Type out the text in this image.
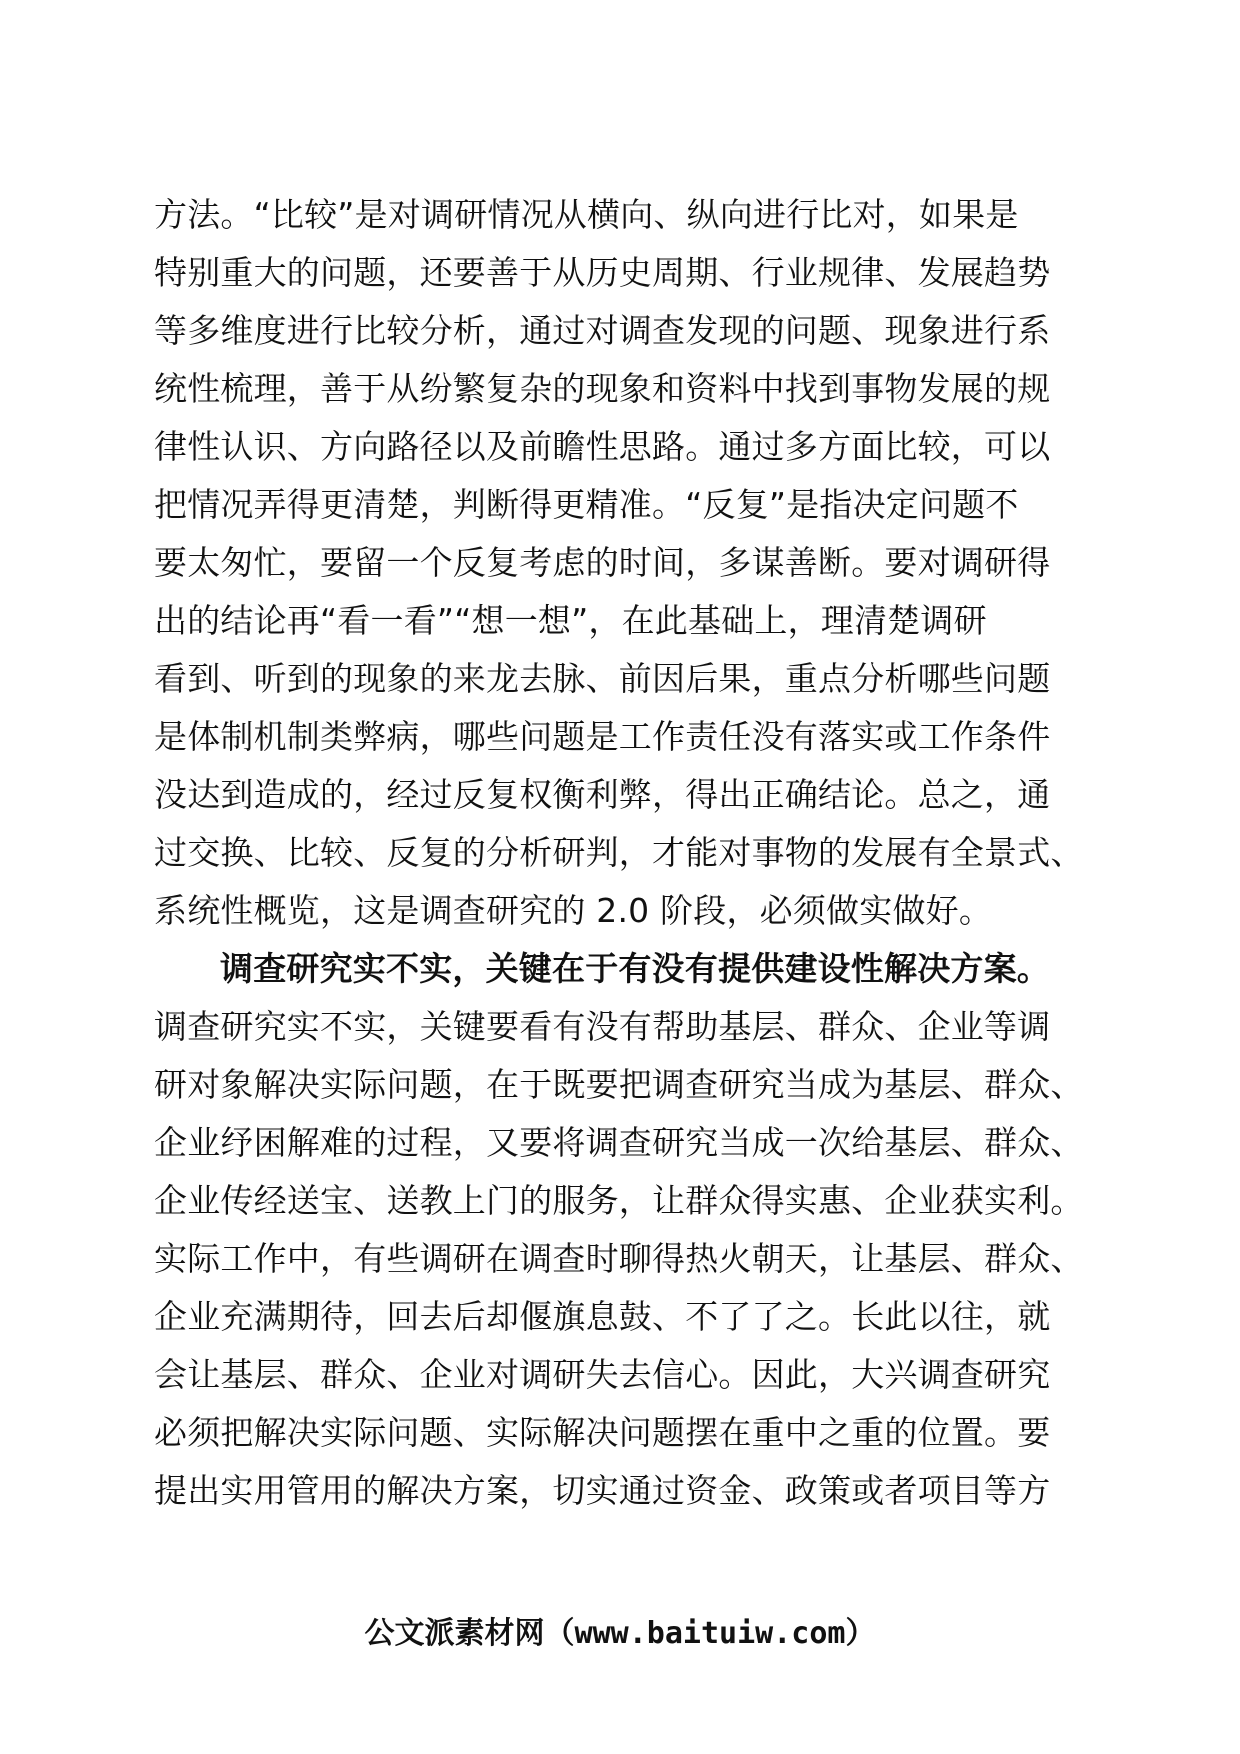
方法。“比较”是对调研情况从横向、纵向进行比对，如果是
特别重大的问题，还要善于从历史周期、行业规律、发展趋势
等多维度进行比较分析，通过对调查发现的问题、现象进行系
统性梳理，善于从纷繁复杂的现象和资料中找到事物发展的规
律性认识、方向路径以及前瞻性思路。通过多方面比较，可以
把情况弄得更清楚，判断得更精准。“反复”是指决定问题不
要太匆忙，要留一个反复考虑的时间，多谋善断。要对调研得
出的结论再“看一看”“想一想”，在此基础上，理清楚调研
看到、听到的现象的来龙去脉、前因后果，重点分析哪些问题
是体制机制类弊病，哪些问题是工作责任没有落实或工作条件
没达到造成的，经过反复权衡利弊，得出正确结论。总之，通
过交换、比较、反复的分析研判，才能对事物的发展有全景式、
系统性概览，这是调查研究的 2.0 阶段，必须做实做好。
调查研究实不实，关键在于有没有提供建设性解决方案。
调查研究实不实，关键要看有没有帮助基层、群众、企业等调
研对象解决实际问题，在于既要把调查研究当成为基层、群众、
企业纾困解难的过程，又要将调查研究当成一次给基层、群众、
企业传经送宝、送教上门的服务，让群众得实惠、企业获实利。
实际工作中，有些调研在调查时聊得热火朝天，让基层、群众、
企业充满期待，回去后却偃旗息鼓、不了了之。长此以往，就
会让基层、群众、企业对调研失去信心。因此，大兴调查研究
必须把解决实际问题、实际解决问题摆在重中之重的位置。要
提出实用管用的解决方案，切实通过资金、政策或者项目等方
公文派素材网（www.baituiw.com）
